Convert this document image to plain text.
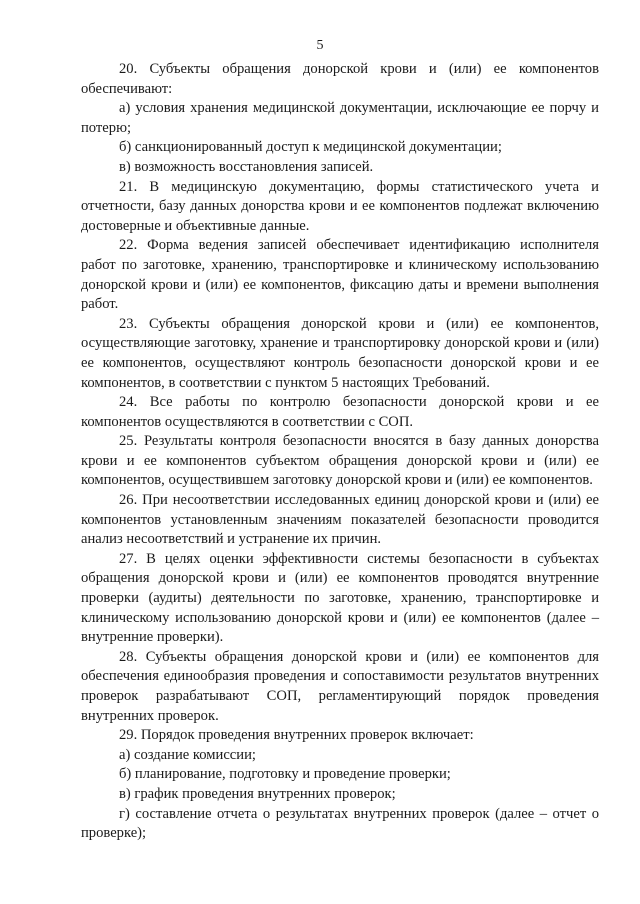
5

20. Субъекты обращения донорской крови и (или) ее компонентов обеспечивают:

а) условия хранения медицинской документации, исключающие ее порчу и потерю;

б) санкционированный доступ к медицинской документации;

в) возможность восстановления записей.

21. В медицинскую документацию, формы статистического учета и отчетности, базу данных донорства крови и ее компонентов подлежат включению достоверные и объективные данные.

22. Форма ведения записей обеспечивает идентификацию исполнителя работ по заготовке, хранению, транспортировке и клиническому использованию донорской крови и (или) ее компонентов, фиксацию даты и времени выполнения работ.

23. Субъекты обращения донорской крови и (или) ее компонентов, осуществляющие заготовку, хранение и транспортировку донорской крови и (или) ее компонентов, осуществляют контроль безопасности донорской крови и ее компонентов, в соответствии с пунктом 5 настоящих Требований.

24. Все работы по контролю безопасности донорской крови и ее компонентов осуществляются в соответствии с СОП.

25. Результаты контроля безопасности вносятся в базу данных донорства крови и ее компонентов субъектом обращения донорской крови и (или) ее компонентов, осуществившем заготовку донорской крови и (или) ее компонентов.

26. При несоответствии исследованных единиц донорской крови и (или) ее компонентов установленным значениям показателей безопасности проводится анализ несоответствий и устранение их причин.

27. В целях оценки эффективности системы безопасности в субъектах обращения донорской крови и (или) ее компонентов проводятся внутренние проверки (аудиты) деятельности по заготовке, хранению, транспортировке и клиническому использованию донорской крови и (или) ее компонентов (далее – внутренние проверки).

28. Субъекты обращения донорской крови и (или) ее компонентов для обеспечения единообразия проведения и сопоставимости результатов внутренних проверок разрабатывают СОП, регламентирующий порядок проведения внутренних проверок.

29. Порядок проведения внутренних проверок включает:

а) создание комиссии;

б) планирование, подготовку и проведение проверки;

в) график проведения внутренних проверок;

г) составление отчета о результатах внутренних проверок (далее – отчет о проверке);
